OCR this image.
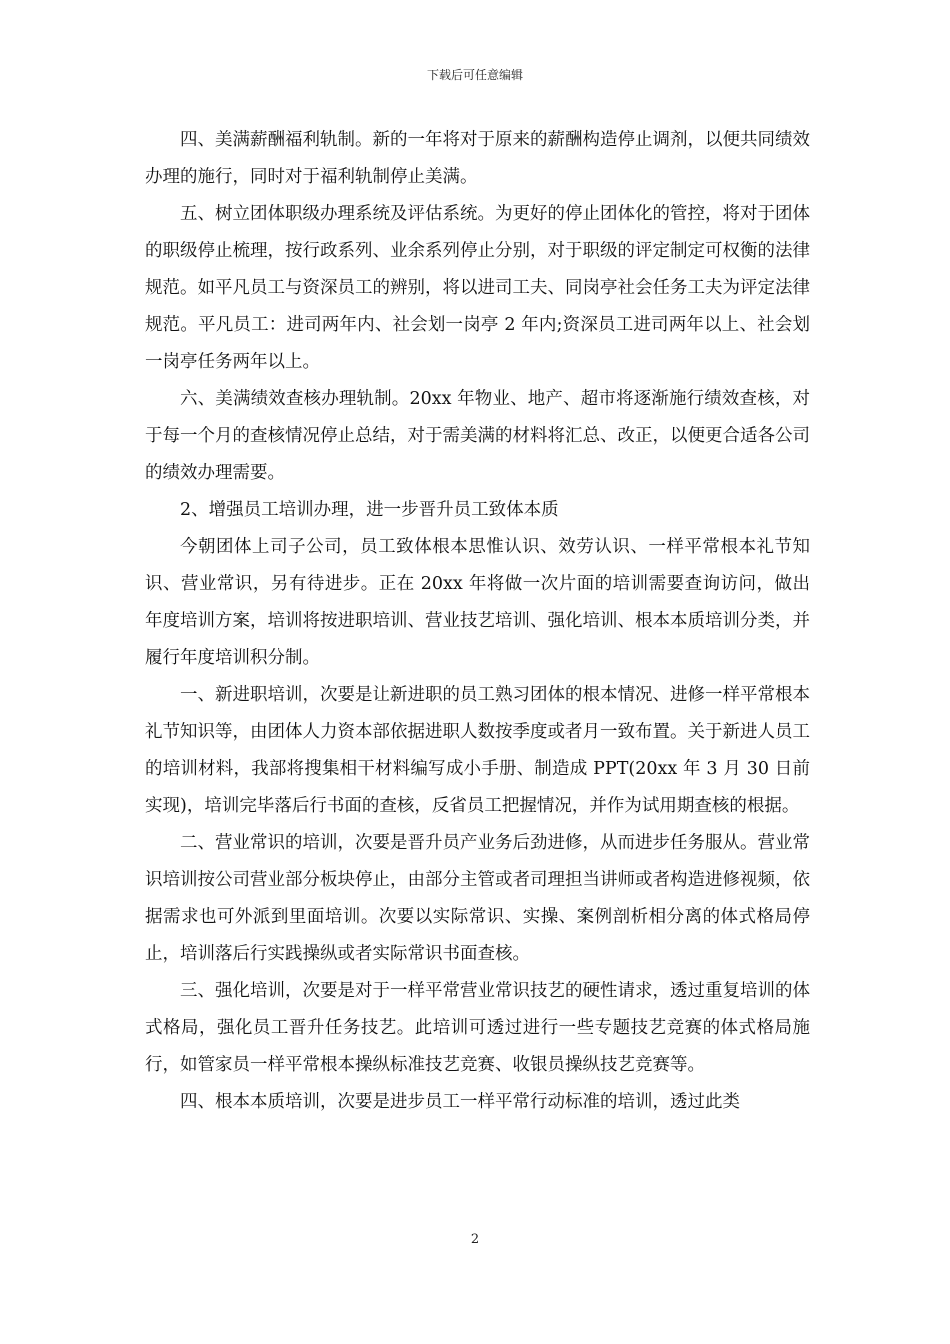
下载后可任意编辑

四、美满薪酬福利轨制。新的一年将对于原来的薪酬构造停止调剂，以便共同绩效办理的施行，同时对于福利轨制停止美满。

五、树立团体职级办理系统及评估系统。为更好的停止团体化的管控，将对于团体的职级停止梳理，按行政系列、业余系列停止分别，对于职级的评定制定可权衡的法律规范。如平凡员工与资深员工的辨别，将以进司工夫、同岗亭社会任务工夫为评定法律规范。平凡员工：进司两年内、社会划一岗亭 2 年内;资深员工进司两年以上、社会划一岗亭任务两年以上。

六、美满绩效查核办理轨制。20xx 年物业、地产、超市将逐渐施行绩效查核，对于每一个月的查核情况停止总结，对于需美满的材料将汇总、改正，以便更合适各公司的绩效办理需要。

2、增强员工培训办理，进一步晋升员工致体本质

今朝团体上司子公司，员工致体根本思惟认识、效劳认识、一样平常根本礼节知识、营业常识，另有待进步。正在 20xx 年将做一次片面的培训需要查询访问，做出年度培训方案，培训将按进职培训、营业技艺培训、强化培训、根本本质培训分类，并履行年度培训积分制。

一、新进职培训，次要是让新进职的员工熟习团体的根本情况、进修一样平常根本礼节知识等，由团体人力资本部依据进职人数按季度或者月一致布置。关于新进人员工的培训材料，我部将搜集相干材料编写成小手册、制造成 PPT(20xx 年 3 月 30 日前实现)，培训完毕落后行书面的查核，反省员工把握情况，并作为试用期查核的根据。

二、营业常识的培训，次要是晋升员产业务后劲进修，从而进步任务服从。营业常识培训按公司营业部分板块停止，由部分主管或者司理担当讲师或者构造进修视频，依据需求也可外派到里面培训。次要以实际常识、实操、案例剖析相分离的体式格局停止，培训落后行实践操纵或者实际常识书面查核。

三、强化培训，次要是对于一样平常营业常识技艺的硬性请求，透过重复培训的体式格局，强化员工晋升任务技艺。此培训可透过进行一些专题技艺竞赛的体式格局施行，如管家员一样平常根本操纵标准技艺竞赛、收银员操纵技艺竞赛等。

四、根本本质培训，次要是进步员工一样平常行动标准的培训，透过此类

2
